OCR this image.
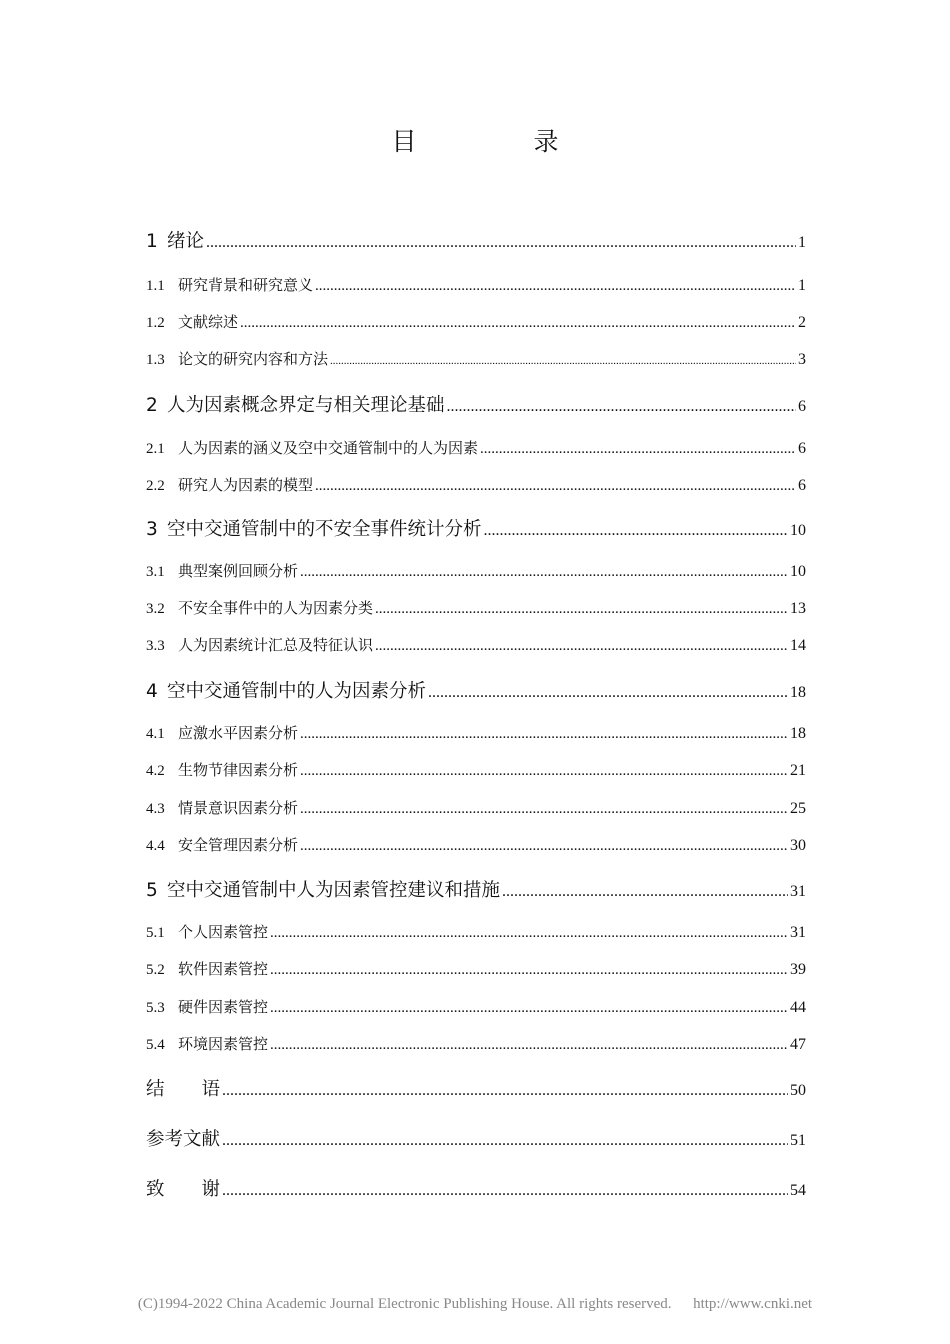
目　录
1 绪论 .....	1
1.1 研究背景和研究意义 .....	1
1.2 文献综述 .....	2
1.3 论文的研究内容和方法 .....	3
2 人为因素概念界定与相关理论基础 .....	6
2.1 人为因素的涵义及空中交通管制中的人为因素 .....	6
2.2 研究人为因素的模型 .....	6
3 空中交通管制中的不安全事件统计分析 .....	10
3.1 典型案例回顾分析 .....	10
3.2 不安全事件中的人为因素分类 .....	13
3.3 人为因素统计汇总及特征认识 .....	14
4 空中交通管制中的人为因素分析 .....	18
4.1 应激水平因素分析 .....	18
4.2 生物节律因素分析 .....	21
4.3 情景意识因素分析 .....	25
4.4 安全管理因素分析 .....	30
5 空中交通管制中人为因素管控建议和措施 .....	31
5.1 个人因素管控 .....	31
5.2 软件因素管控 .....	39
5.3 硬件因素管控 .....	44
5.4 环境因素管控 .....	47
结　　语 .....	50
参考文献 .....	51
致　　谢 .....	54
(C)1994-2022 China Academic Journal Electronic Publishing House. All rights reserved. http://www.cnki.net
